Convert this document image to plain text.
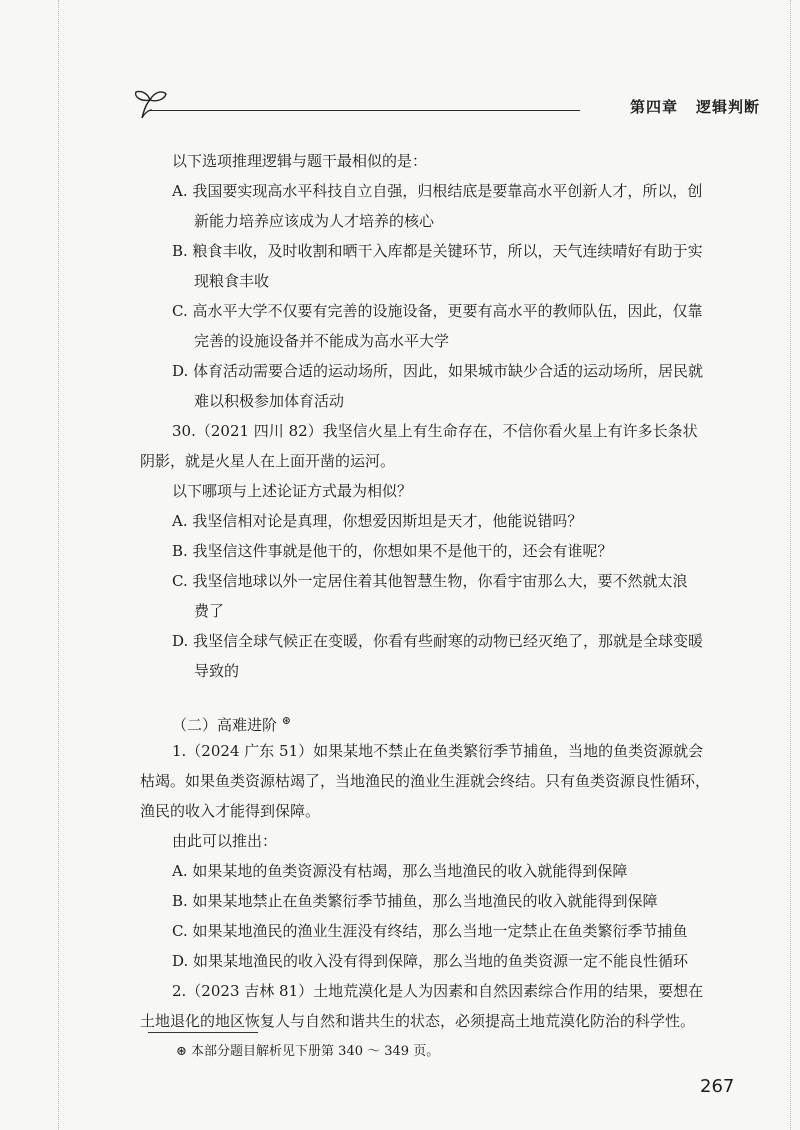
第四章 逻辑判断
以下选项推理逻辑与题干最相似的是：
A. 我国要实现高水平科技自立自强，归根结底是要靠高水平创新人才，所以，创
新能力培养应该成为人才培养的核心
B. 粮食丰收，及时收割和晒干入库都是关键环节，所以，天气连续晴好有助于实
现粮食丰收
C. 高水平大学不仅要有完善的设施设备，更要有高水平的教师队伍，因此，仅靠
完善的设施设备并不能成为高水平大学
D. 体育活动需要合适的运动场所，因此，如果城市缺少合适的运动场所，居民就
难以积极参加体育活动
30.（2021 四川 82）我坚信火星上有生命存在，不信你看火星上有许多长条状
阴影，就是火星人在上面开凿的运河。
以下哪项与上述论证方式最为相似？
A. 我坚信相对论是真理，你想爱因斯坦是天才，他能说错吗？
B. 我坚信这件事就是他干的，你想如果不是他干的，还会有谁呢？
C. 我坚信地球以外一定居住着其他智慧生物，你看宇宙那么大，要不然就太浪
费了
D. 我坚信全球气候正在变暖，你看有些耐寒的动物已经灭绝了，那就是全球变暖
导致的
（二）高难进阶 ⊛
1.（2024 广东 51）如果某地不禁止在鱼类繁衍季节捕鱼，当地的鱼类资源就会
枯竭。如果鱼类资源枯竭了，当地渔民的渔业生涯就会终结。只有鱼类资源良性循环，
渔民的收入才能得到保障。
由此可以推出：
A. 如果某地的鱼类资源没有枯竭，那么当地渔民的收入就能得到保障
B. 如果某地禁止在鱼类繁衍季节捕鱼，那么当地渔民的收入就能得到保障
C. 如果某地渔民的渔业生涯没有终结，那么当地一定禁止在鱼类繁衍季节捕鱼
D. 如果某地渔民的收入没有得到保障，那么当地的鱼类资源一定不能良性循环
2.（2023 吉林 81）土地荒漠化是人为因素和自然因素综合作用的结果，要想在
土地退化的地区恢复人与自然和谐共生的状态，必须提高土地荒漠化防治的科学性。
⊛ 本部分题目解析见下册第 340 ～ 349 页。
267
